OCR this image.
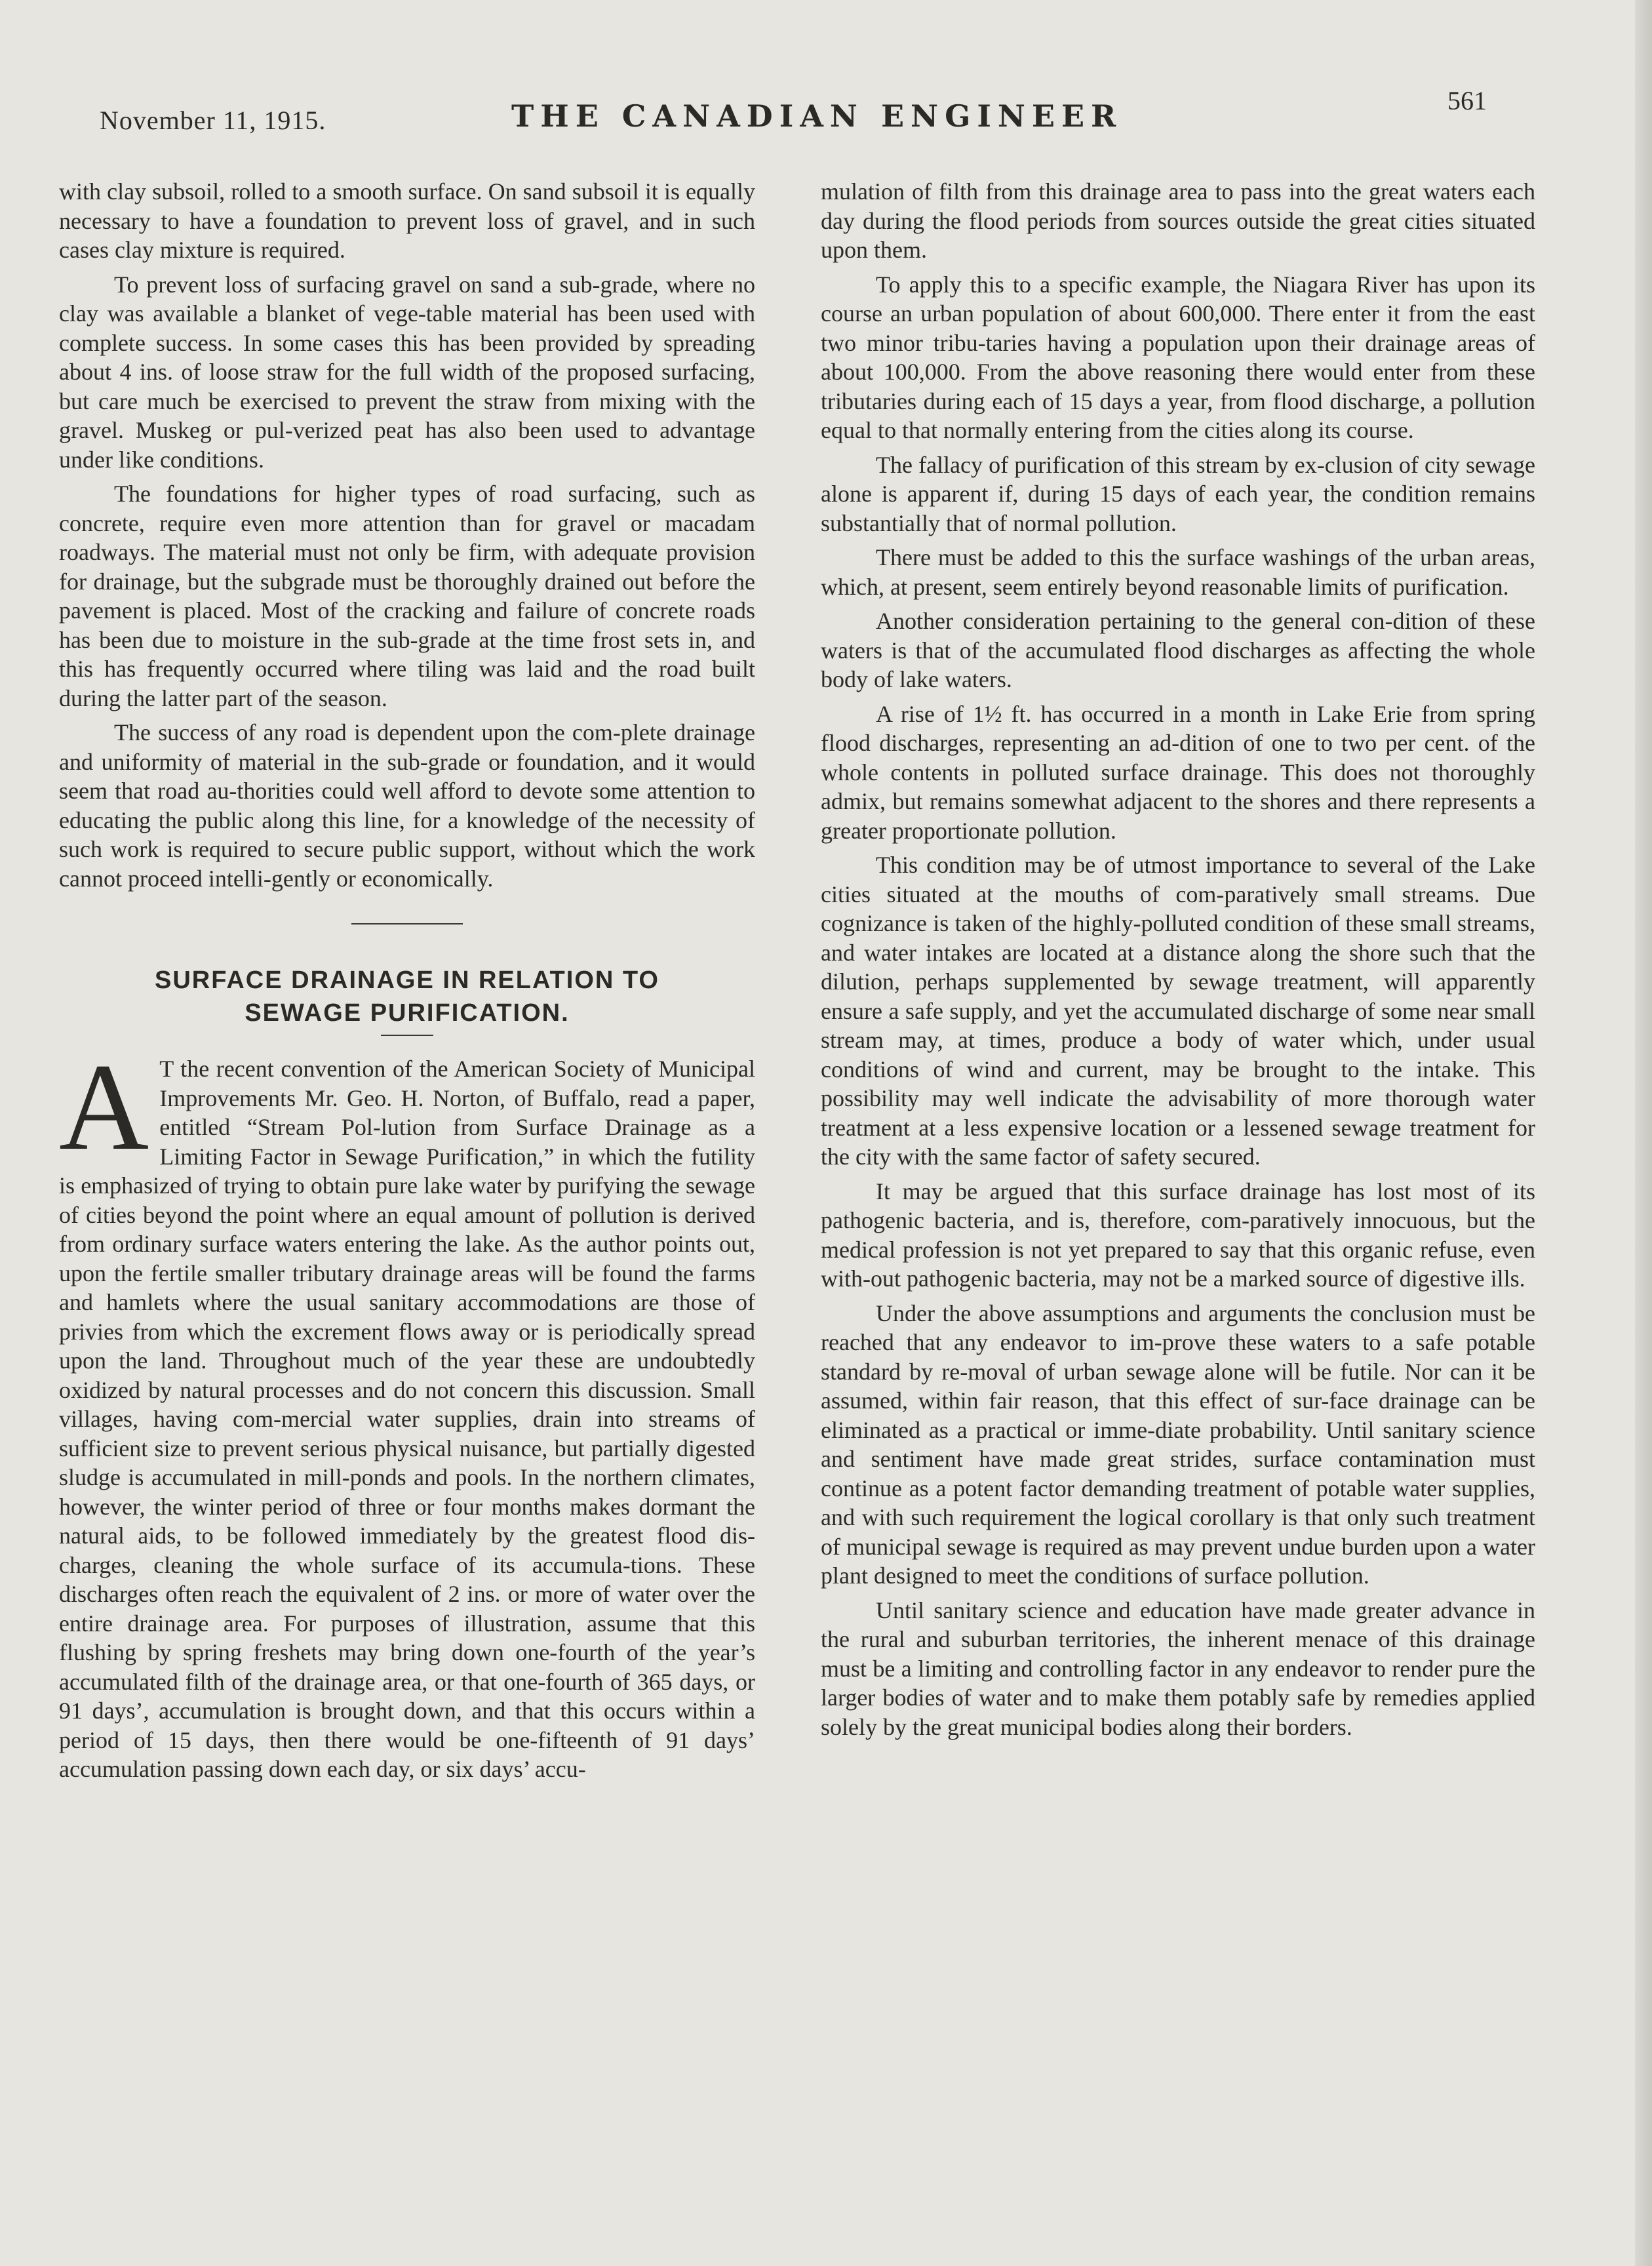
November 11, 1915.	THE CANADIAN ENGINEER	561

with clay subsoil, rolled to a smooth surface. On sand subsoil it is equally necessary to have a foundation to prevent loss of gravel, and in such cases clay mixture is required.

To prevent loss of surfacing gravel on sand a sub-grade, where no clay was available a blanket of vege-table material has been used with complete success. In some cases this has been provided by spreading about 4 ins. of loose straw for the full width of the proposed surfacing, but care much be exercised to prevent the straw from mixing with the gravel. Muskeg or pul-verized peat has also been used to advantage under like conditions.

The foundations for higher types of road surfacing, such as concrete, require even more attention than for gravel or macadam roadways. The material must not only be firm, with adequate provision for drainage, but the subgrade must be thoroughly drained out before the pavement is placed. Most of the cracking and failure of concrete roads has been due to moisture in the sub-grade at the time frost sets in, and this has frequently occurred where tiling was laid and the road built during the latter part of the season.

The success of any road is dependent upon the com-plete drainage and uniformity of material in the sub-grade or foundation, and it would seem that road au-thorities could well afford to devote some attention to educating the public along this line, for a knowledge of the necessity of such work is required to secure public support, without which the work cannot proceed intelli-gently or economically.

SURFACE DRAINAGE IN RELATION TO
SEWAGE PURIFICATION.

A T the recent convention of the American Society of Municipal Improvements Mr. Geo. H. Norton, of Buffalo, read a paper, entitled “Stream Pol-lution from Surface Drainage as a Limiting Factor in Sewage Purification,” in which the futility is emphasized of trying to obtain pure lake water by purifying the sewage of cities beyond the point where an equal amount of pollution is derived from ordinary surface waters entering the lake. As the author points out, upon the fertile smaller tributary drainage areas will be found the farms and hamlets where the usual sanitary accommodations are those of privies from which the excrement flows away or is periodically spread upon the land. Throughout much of the year these are undoubtedly oxidized by natural processes and do not concern this discussion. Small villages, having com-mercial water supplies, drain into streams of sufficient size to prevent serious physical nuisance, but partially digested sludge is accumulated in mill-ponds and pools. In the northern climates, however, the winter period of three or four months makes dormant the natural aids, to be followed immediately by the greatest flood dis-charges, cleaning the whole surface of its accumula-tions. These discharges often reach the equivalent of 2 ins. or more of water over the entire drainage area. For purposes of illustration, assume that this flushing by spring freshets may bring down one-fourth of the year’s accumulated filth of the drainage area, or that one-fourth of 365 days, or 91 days’, accumulation is brought down, and that this occurs within a period of 15 days, then there would be one-fifteenth of 91 days’ accumulation passing down each day, or six days’ accu-

mulation of filth from this drainage area to pass into the great waters each day during the flood periods from sources outside the great cities situated upon them.

To apply this to a specific example, the Niagara River has upon its course an urban population of about 600,000. There enter it from the east two minor tribu-taries having a population upon their drainage areas of about 100,000. From the above reasoning there would enter from these tributaries during each of 15 days a year, from flood discharge, a pollution equal to that normally entering from the cities along its course.

The fallacy of purification of this stream by ex-clusion of city sewage alone is apparent if, during 15 days of each year, the condition remains substantially that of normal pollution.

There must be added to this the surface washings of the urban areas, which, at present, seem entirely beyond reasonable limits of purification.

Another consideration pertaining to the general con-dition of these waters is that of the accumulated flood discharges as affecting the whole body of lake waters.

A rise of 1½ ft. has occurred in a month in Lake Erie from spring flood discharges, representing an ad-dition of one to two per cent. of the whole contents in polluted surface drainage. This does not thoroughly admix, but remains somewhat adjacent to the shores and there represents a greater proportionate pollution.

This condition may be of utmost importance to several of the Lake cities situated at the mouths of com-paratively small streams. Due cognizance is taken of the highly-polluted condition of these small streams, and water intakes are located at a distance along the shore such that the dilution, perhaps supplemented by sewage treatment, will apparently ensure a safe supply, and yet the accumulated discharge of some near small stream may, at times, produce a body of water which, under usual conditions of wind and current, may be brought to the intake. This possibility may well indicate the advisability of more thorough water treatment at a less expensive location or a lessened sewage treatment for the city with the same factor of safety secured.

It may be argued that this surface drainage has lost most of its pathogenic bacteria, and is, therefore, com-paratively innocuous, but the medical profession is not yet prepared to say that this organic refuse, even with-out pathogenic bacteria, may not be a marked source of digestive ills.

Under the above assumptions and arguments the conclusion must be reached that any endeavor to im-prove these waters to a safe potable standard by re-moval of urban sewage alone will be futile. Nor can it be assumed, within fair reason, that this effect of sur-face drainage can be eliminated as a practical or imme-diate probability. Until sanitary science and sentiment have made great strides, surface contamination must continue as a potent factor demanding treatment of potable water supplies, and with such requirement the logical corollary is that only such treatment of municipal sewage is required as may prevent undue burden upon a water plant designed to meet the conditions of surface pollution.

Until sanitary science and education have made greater advance in the rural and suburban territories, the inherent menace of this drainage must be a limiting and controlling factor in any endeavor to render pure the larger bodies of water and to make them potably safe by remedies applied solely by the great municipal bodies along their borders.
